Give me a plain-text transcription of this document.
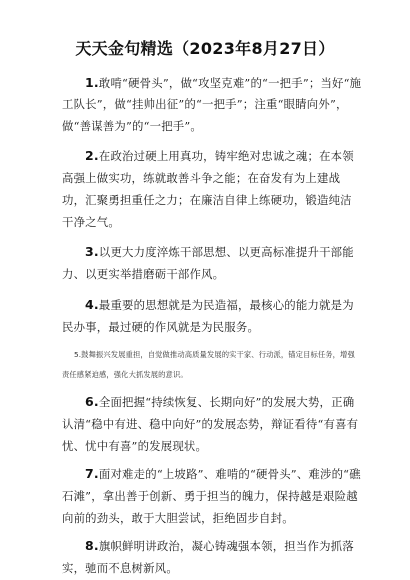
天天金句精选（2023年8月27日）
1.敢啃“硬骨头”，做“攻坚克难”的“一把手”；当好“施工队长”，做“挂帅出征”的“一把手”；注重“眼睛向外”，做“善谋善为”的“一把手”。
2.在政治过硬上用真功，铸牢绝对忠诚之魂；在本领高强上做实功，练就敢善斗争之能；在奋发有为上建战功，汇聚勇担重任之力；在廉洁自律上练硬功，锻造纯洁干净之气。
3.以更大力度淬炼干部思想、以更高标准提升干部能力、以更实举措磨砺干部作风。
4.最重要的思想就是为民造福，最核心的能力就是为民办事，最过硬的作风就是为民服务。
5.鼓舞振兴发展重担，自觉做推动高质量发展的实干家、行动派，锚定目标任务，增强责任感紧迫感，强化大抓发展的意识。
6.全面把握“持续恢复、长期向好”的发展大势，正确认清“稳中有进、稳中向好”的发展态势，辩证看待“有喜有忧、忧中有喜”的发展现状。
7.面对难走的“上坡路”、难啃的“硬骨头”、难涉的“礁石滩”，拿出善于创新、勇于担当的魄力，保持越是艰险越向前的劲头，敢于大胆尝试，拒绝固步自封。
8.旗帜鲜明讲政治，凝心铸魂强本领，担当作为抓落实，驰而不息树新风。
